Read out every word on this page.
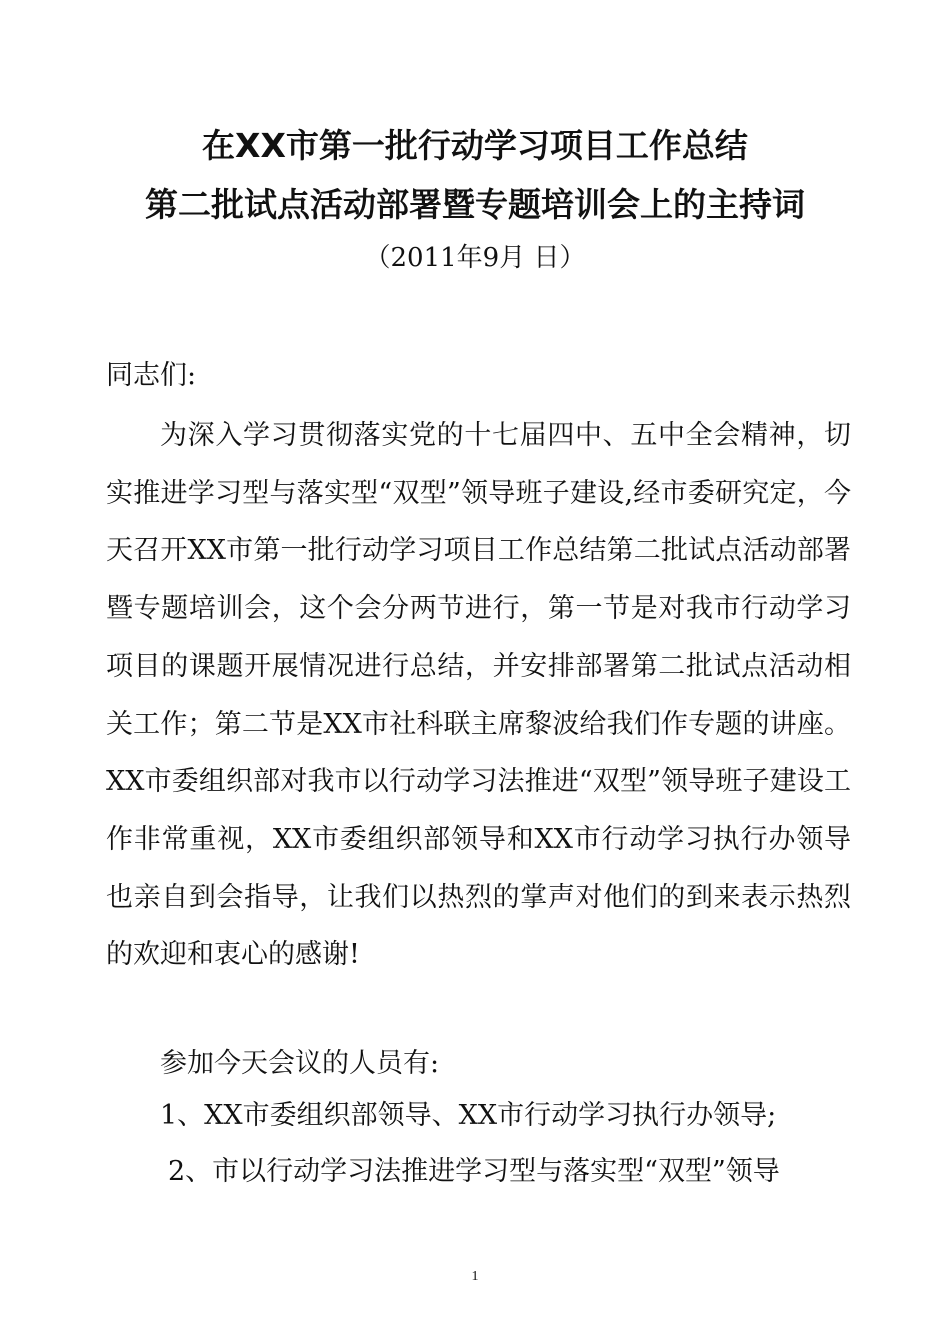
在XX市第一批行动学习项目工作总结
第二批试点活动部署暨专题培训会上的主持词
（2011年9月 日）
同志们:
为深入学习贯彻落实党的十七届四中、五中全会精神，切实推进学习型与落实型“双型”领导班子建设,经市委研究定，今天召开XX市第一批行动学习项目工作总结第二批试点活动部署暨专题培训会，这个会分两节进行，第一节是对我市行动学习项目的课题开展情况进行总结，并安排部署第二批试点活动相关工作；第二节是XX市社科联主席黎波给我们作专题的讲座。XX市委组织部对我市以行动学习法推进“双型”领导班子建设工作非常重视，XX市委组织部领导和XX市行动学习执行办领导也亲自到会指导，让我们以热烈的掌声对他们的到来表示热烈的欢迎和衷心的感谢!
参加今天会议的人员有:
1、XX市委组织部领导、XX市行动学习执行办领导;
2、市以行动学习法推进学习型与落实型“双型”领导
1
